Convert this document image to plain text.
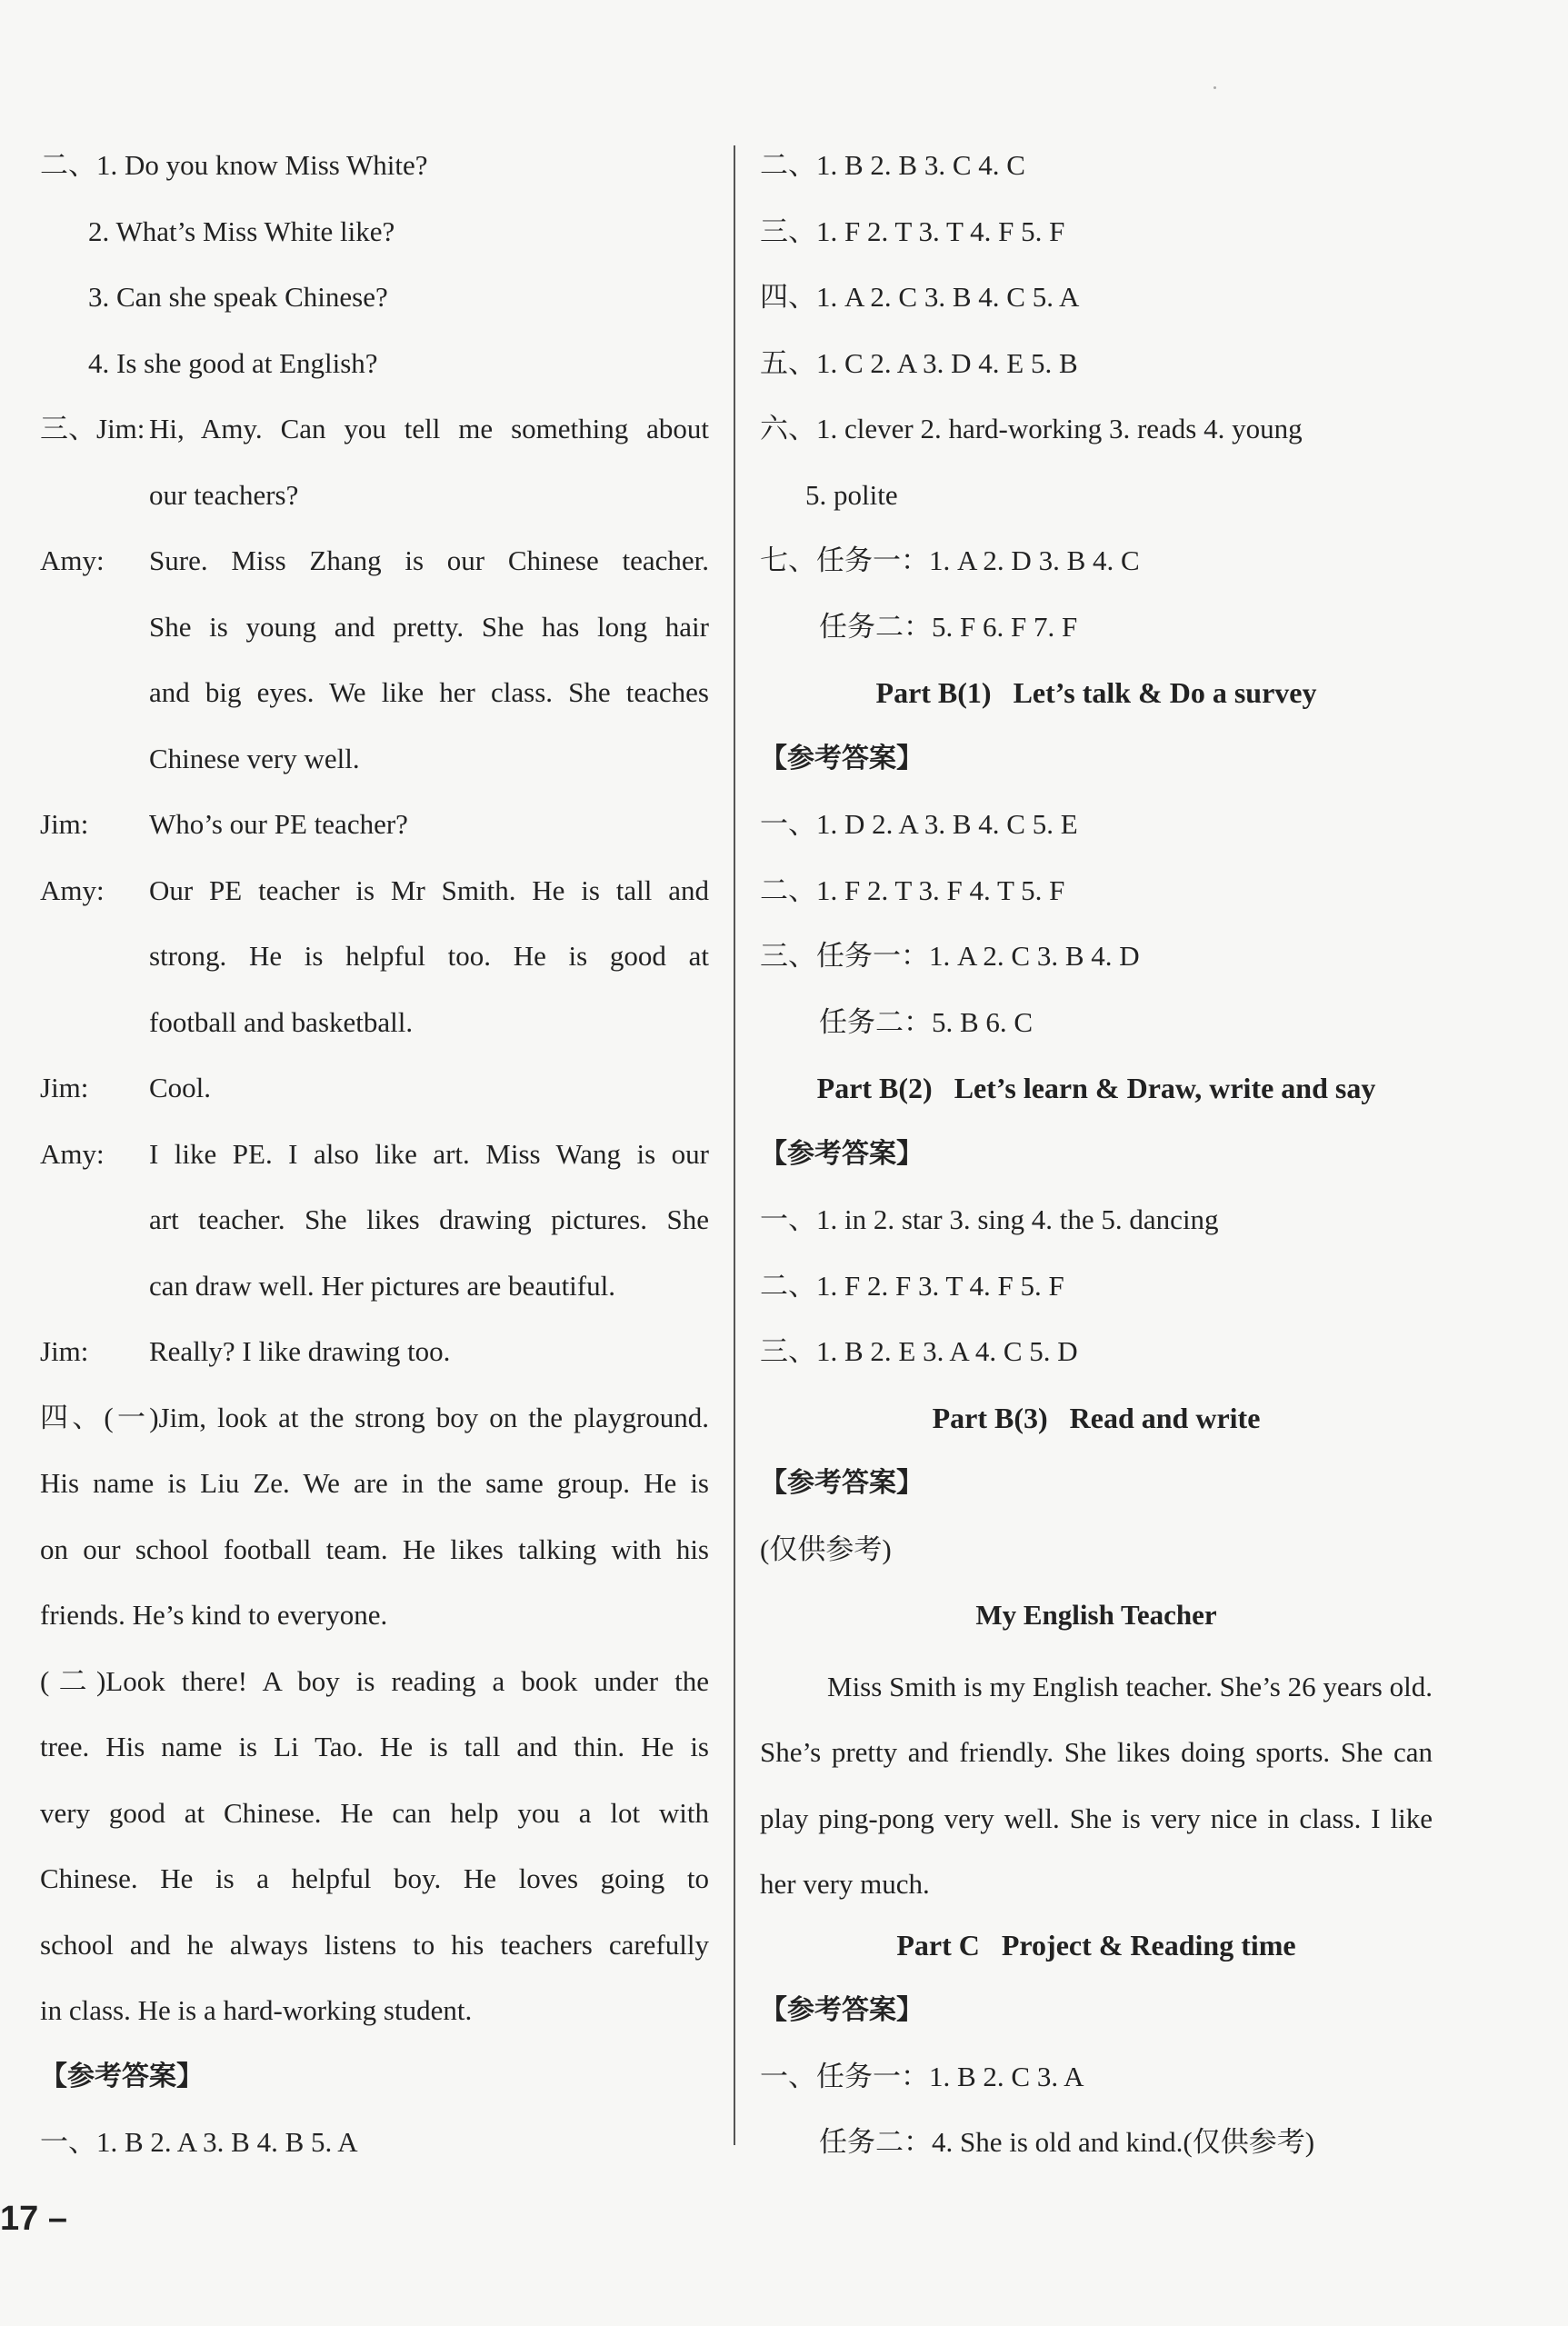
二、1. Do you know Miss White?
2. What’s Miss White like?
3. Can she speak Chinese?
4. Is she good at English?
三、Jim: Hi, Amy. Can you tell me something about
our teachers?
Amy:	Sure. Miss Zhang is our Chinese teacher.
She is young and pretty. She has long hair
and big eyes. We like her class. She teaches
Chinese very well.
Jim:	Who’s our PE teacher?
Amy:	Our PE teacher is Mr Smith. He is tall and
strong. He is helpful too. He is good at
football and basketball.
Jim:	Cool.
Amy:	I like PE. I also like art. Miss Wang is our
art teacher. She likes drawing pictures. She
can draw well. Her pictures are beautiful.
Jim:	Really? I like drawing too.
四、(一)Jim, look at the strong boy on the playground.
His name is Liu Ze. We are in the same group. He is
on our school football team. He likes talking with his
friends. He’s kind to everyone.
(二)Look there! A boy is reading a book under the
tree. His name is Li Tao. He is tall and thin. He is
very good at Chinese. He can help you a lot with
Chinese. He is a helpful boy. He loves going to
school and he always listens to his teachers carefully
in class. He is a hard-working student.
【参考答案】
一、1. B 2. A 3. B 4. B 5. A
二、1. B 2. B 3. C 4. C
三、1. F 2. T 3. T 4. F 5. F
四、1. A 2. C 3. B 4. C 5. A
五、1. C 2. A 3. D 4. E 5. B
六、1. clever 2. hard-working 3. reads 4. young
5. polite
七、任务一：1. A 2. D 3. B 4. C
任务二：5. F 6. F 7. F
Part B(1)   Let’s talk & Do a survey
【参考答案】
一、1. D 2. A 3. B 4. C 5. E
二、1. F 2. T 3. F 4. T 5. F
三、任务一：1. A 2. C 3. B 4. D
任务二：5. B 6. C
Part B(2)   Let’s learn & Draw, write and say
【参考答案】
一、1. in 2. star 3. sing 4. the 5. dancing
二、1. F 2. F 3. T 4. F 5. F
三、1. B 2. E 3. A 4. C 5. D
Part B(3)   Read and write
【参考答案】
(仅供参考)
My English Teacher
Miss Smith is my English teacher. She’s 26 years old. She’s pretty and friendly. She likes doing sports. She can play ping-pong very well. She is very nice in class. I like her very much.
Part C   Project & Reading time
【参考答案】
一、任务一：1. B 2. C 3. A
任务二：4. She is old and kind.(仅供参考)
17 –
